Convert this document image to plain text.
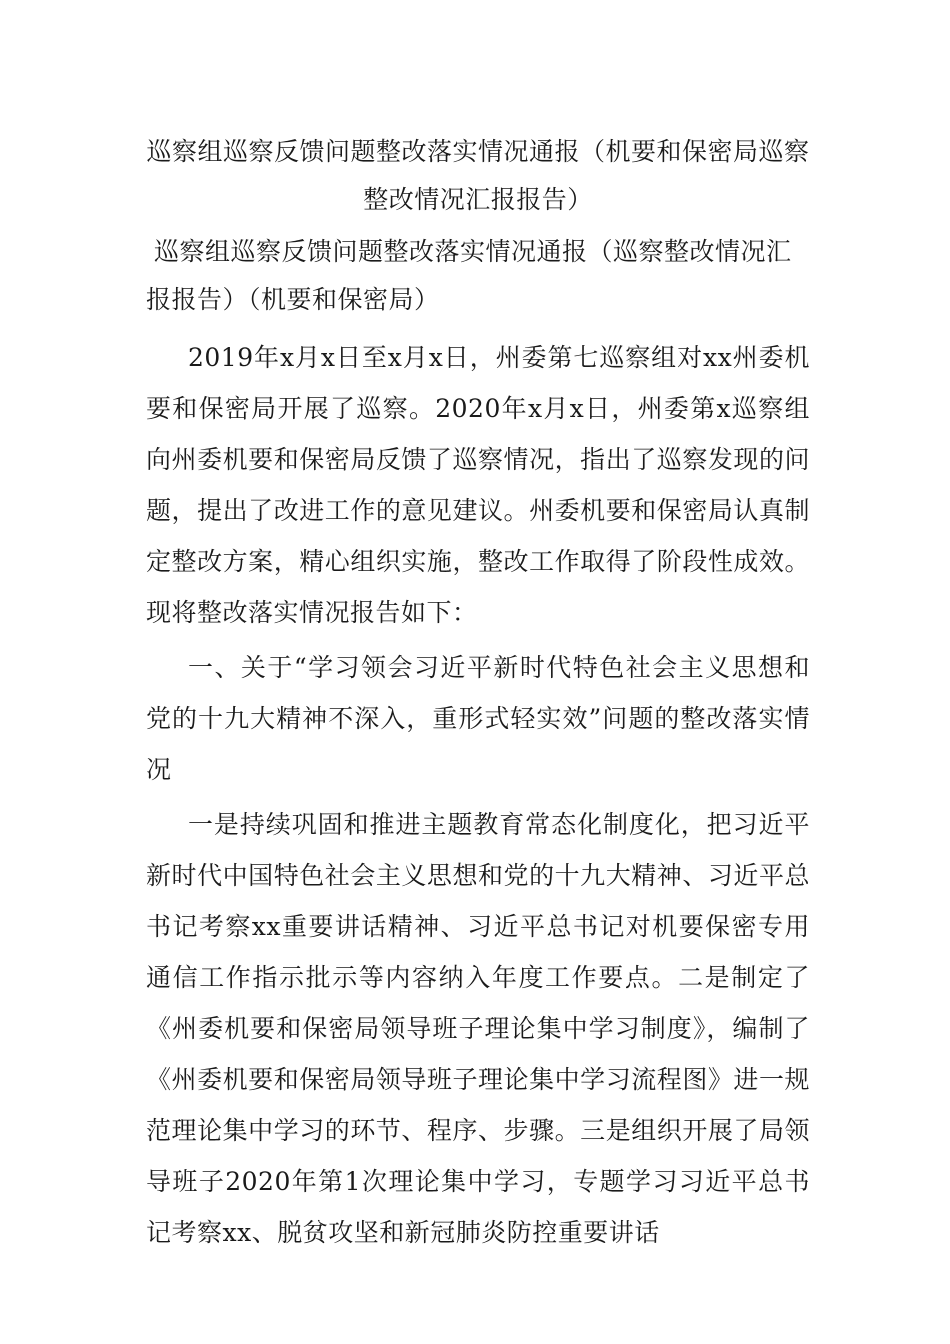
巡察组巡察反馈问题整改落实情况通报（机要和保密局巡察整改情况汇报报告）

巡察组巡察反馈问题整改落实情况通报（巡察整改情况汇报报告）（机要和保密局）

2019年x月x日至x月x日，州委第七巡察组对xx州委机要和保密局开展了巡察。2020年x月x日，州委第x巡察组向州委机要和保密局反馈了巡察情况，指出了巡察发现的问题，提出了改进工作的意见建议。州委机要和保密局认真制定整改方案，精心组织实施，整改工作取得了阶段性成效。现将整改落实情况报告如下：

一、关于“学习领会习近平新时代特色社会主义思想和党的十九大精神不深入，重形式轻实效”问题的整改落实情况

一是持续巩固和推进主题教育常态化制度化，把习近平新时代中国特色社会主义思想和党的十九大精神、习近平总书记考察xx重要讲话精神、习近平总书记对机要保密专用通信工作指示批示等内容纳入年度工作要点。二是制定了《州委机要和保密局领导班子理论集中学习制度》，编制了《州委机要和保密局领导班子理论集中学习流程图》进一规范理论集中学习的环节、程序、步骤。三是组织开展了局领导班子2020年第1次理论集中学习，专题学习习近平总书记考察xx、脱贫攻坚和新冠肺炎防控重要讲话
